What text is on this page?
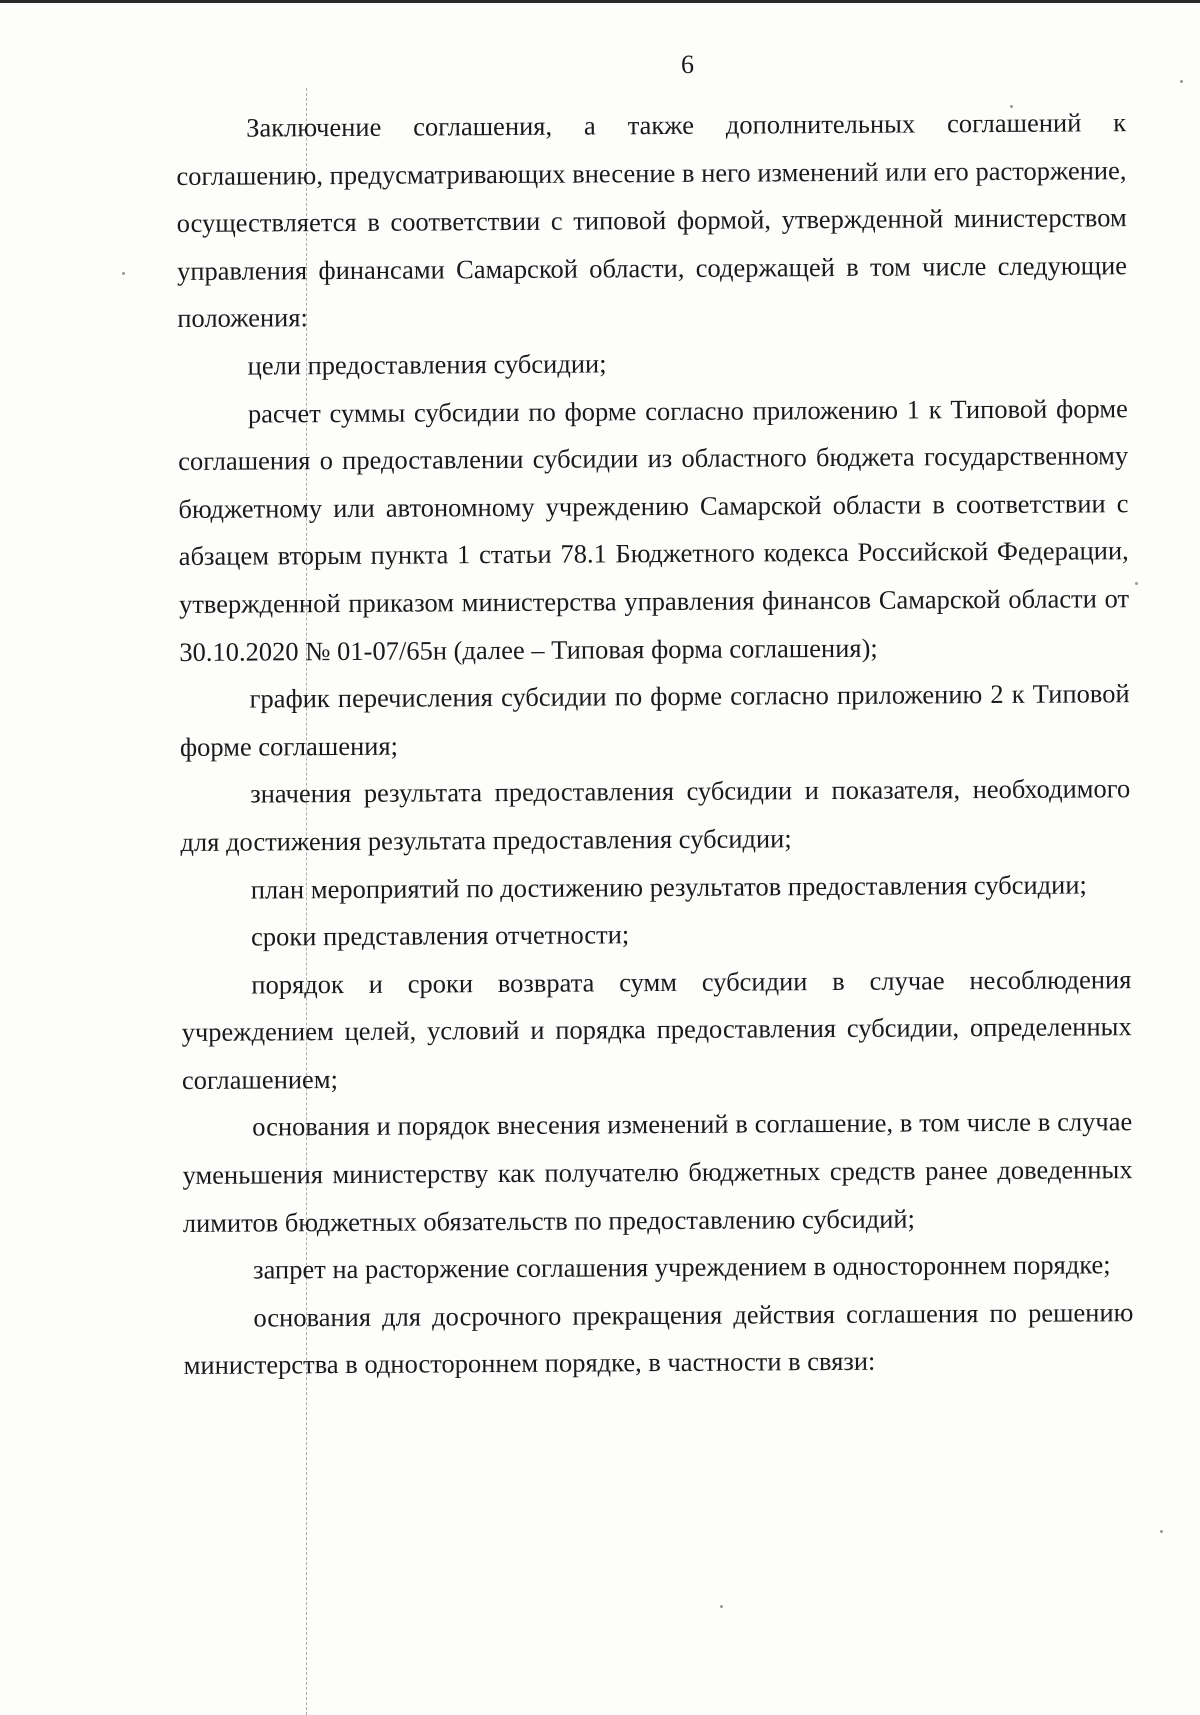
6

Заключение соглашения, а также дополнительных соглашений к соглашению, предусматривающих внесение в него изменений или его расторжение, осуществляется в соответствии с типовой формой, утвержденной министерством управления финансами Самарской области, содержащей в том числе следующие положения:

цели предоставления субсидии;

расчет суммы субсидии по форме согласно приложению 1 к Типовой форме соглашения о предоставлении субсидии из областного бюджета государственному бюджетному или автономному учреждению Самарской области в соответствии с абзацем вторым пункта 1 статьи 78.1 Бюджетного кодекса Российской Федерации, утвержденной приказом министерства управления финансов Самарской области от 30.10.2020 № 01-07/65н (далее – Типовая форма соглашения);

график перечисления субсидии по форме согласно приложению 2 к Типовой форме соглашения;

значения результата предоставления субсидии и показателя, необходимого для достижения результата предоставления субсидии;

план мероприятий по достижению результатов предоставления субсидии;

сроки представления отчетности;

порядок и сроки возврата сумм субсидии в случае несоблюдения учреждением целей, условий и порядка предоставления субсидии, определенных соглашением;

основания и порядок внесения изменений в соглашение, в том числе в случае уменьшения министерству как получателю бюджетных средств ранее доведенных лимитов бюджетных обязательств по предоставлению субсидий;

запрет на расторжение соглашения учреждением в одностороннем порядке;

основания для досрочного прекращения действия соглашения по решению министерства в одностороннем порядке, в частности в связи:
